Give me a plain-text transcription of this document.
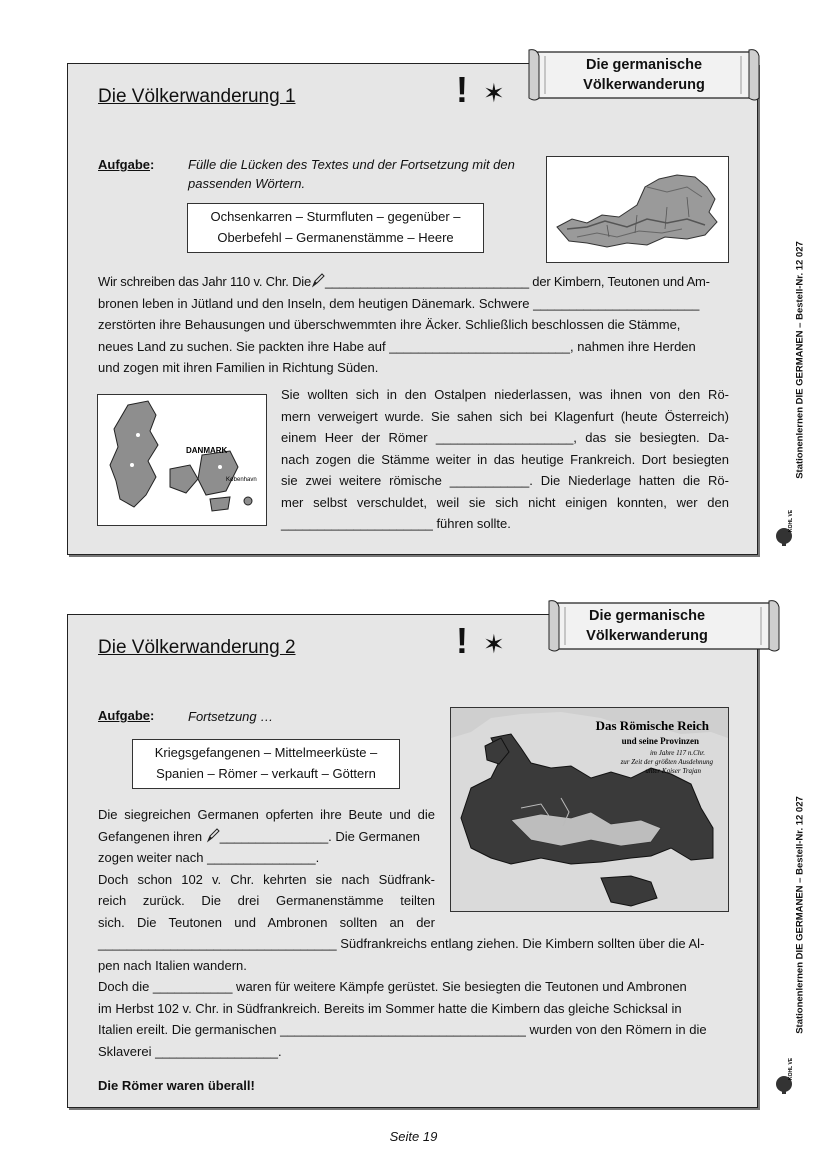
Die Völkerwanderung 1	! ✶
Aufgabe:	Fülle die Lücken des Textes und der Fortsetzung mit den
passenden Wörtern.
Ochsenkarren – Sturmfluten – gegenüber –
Oberbefehl – Germanenstämme – Heere
Wir schreiben das Jahr 110 v. Chr. Die _____________________________ der Kimbern, Teutonen und Am-
bronen leben in Jütland und den Inseln, dem heutigen Dänemark. Schwere _______________________
zerstörten ihre Behausungen und überschwemmten ihre Äcker. Schließlich beschlossen die Stämme,
neues Land zu suchen. Sie packten ihre Habe auf _________________________, nahmen ihre Herden
und zogen mit ihren Familien in Richtung Süden.
DANMARK
København
Sie wollten sich in den Ostalpen niederlassen, was ihnen von den Rö-
mern verweigert wurde. Sie sahen sich bei Klagenfurt (heute Österreich)
einem Heer der Römer ___________________, das sie besiegten. Da-
nach zogen die Stämme weiter in das heutige Frankreich. Dort besiegten
sie zwei weitere römische ___________. Die Niederlage hatten die Rö-
mer selbst verschuldet, weil sie sich nicht einigen konnten, wer den
_____________________ führen sollte.
Die germanische
Völkerwanderung
Die Völkerwanderung 2	! ✶
Aufgabe:	Fortsetzung …
Kriegsgefangenen – Mittelmeerküste –
Spanien – Römer – verkauft – Göttern
Das Römische Reich
und seine Provinzen
im Jahre 117 n.Chr.
zur Zeit der größten Ausdehnung
unter Kaiser Trajan
Die siegreichen Germanen opferten ihre Beute und die
Gefangenen ihren _______________. Die Germanen
zogen weiter nach _______________.
Doch schon 102 v. Chr. kehrten sie nach Südfrank-
reich zurück. Die drei Germanenstämme teilten
sich. Die Teutonen und Ambronen sollten an der
_________________________________ Südfrankreichs entlang ziehen. Die Kimbern sollten über die Al-
pen nach Italien wandern.
Doch die ___________ waren für weitere Kämpfe gerüstet. Sie besiegten die Teutonen und Ambronen
im Herbst 102 v. Chr. in Südfrankreich. Bereits im Sommer hatte die Kimbern das gleiche Schicksal in
Italien ereilt. Die germanischen __________________________________ wurden von den Römern in die
Sklaverei _________________.
Die Römer waren überall!
Die germanische
Völkerwanderung
Stationenlernen DIE GERMANEN – Bestell-Nr. 12 027
Stationenlernen DIE GERMANEN – Bestell-Nr. 12 027
KOHL VERLAG
KOHL VERLAG
Seite 19
